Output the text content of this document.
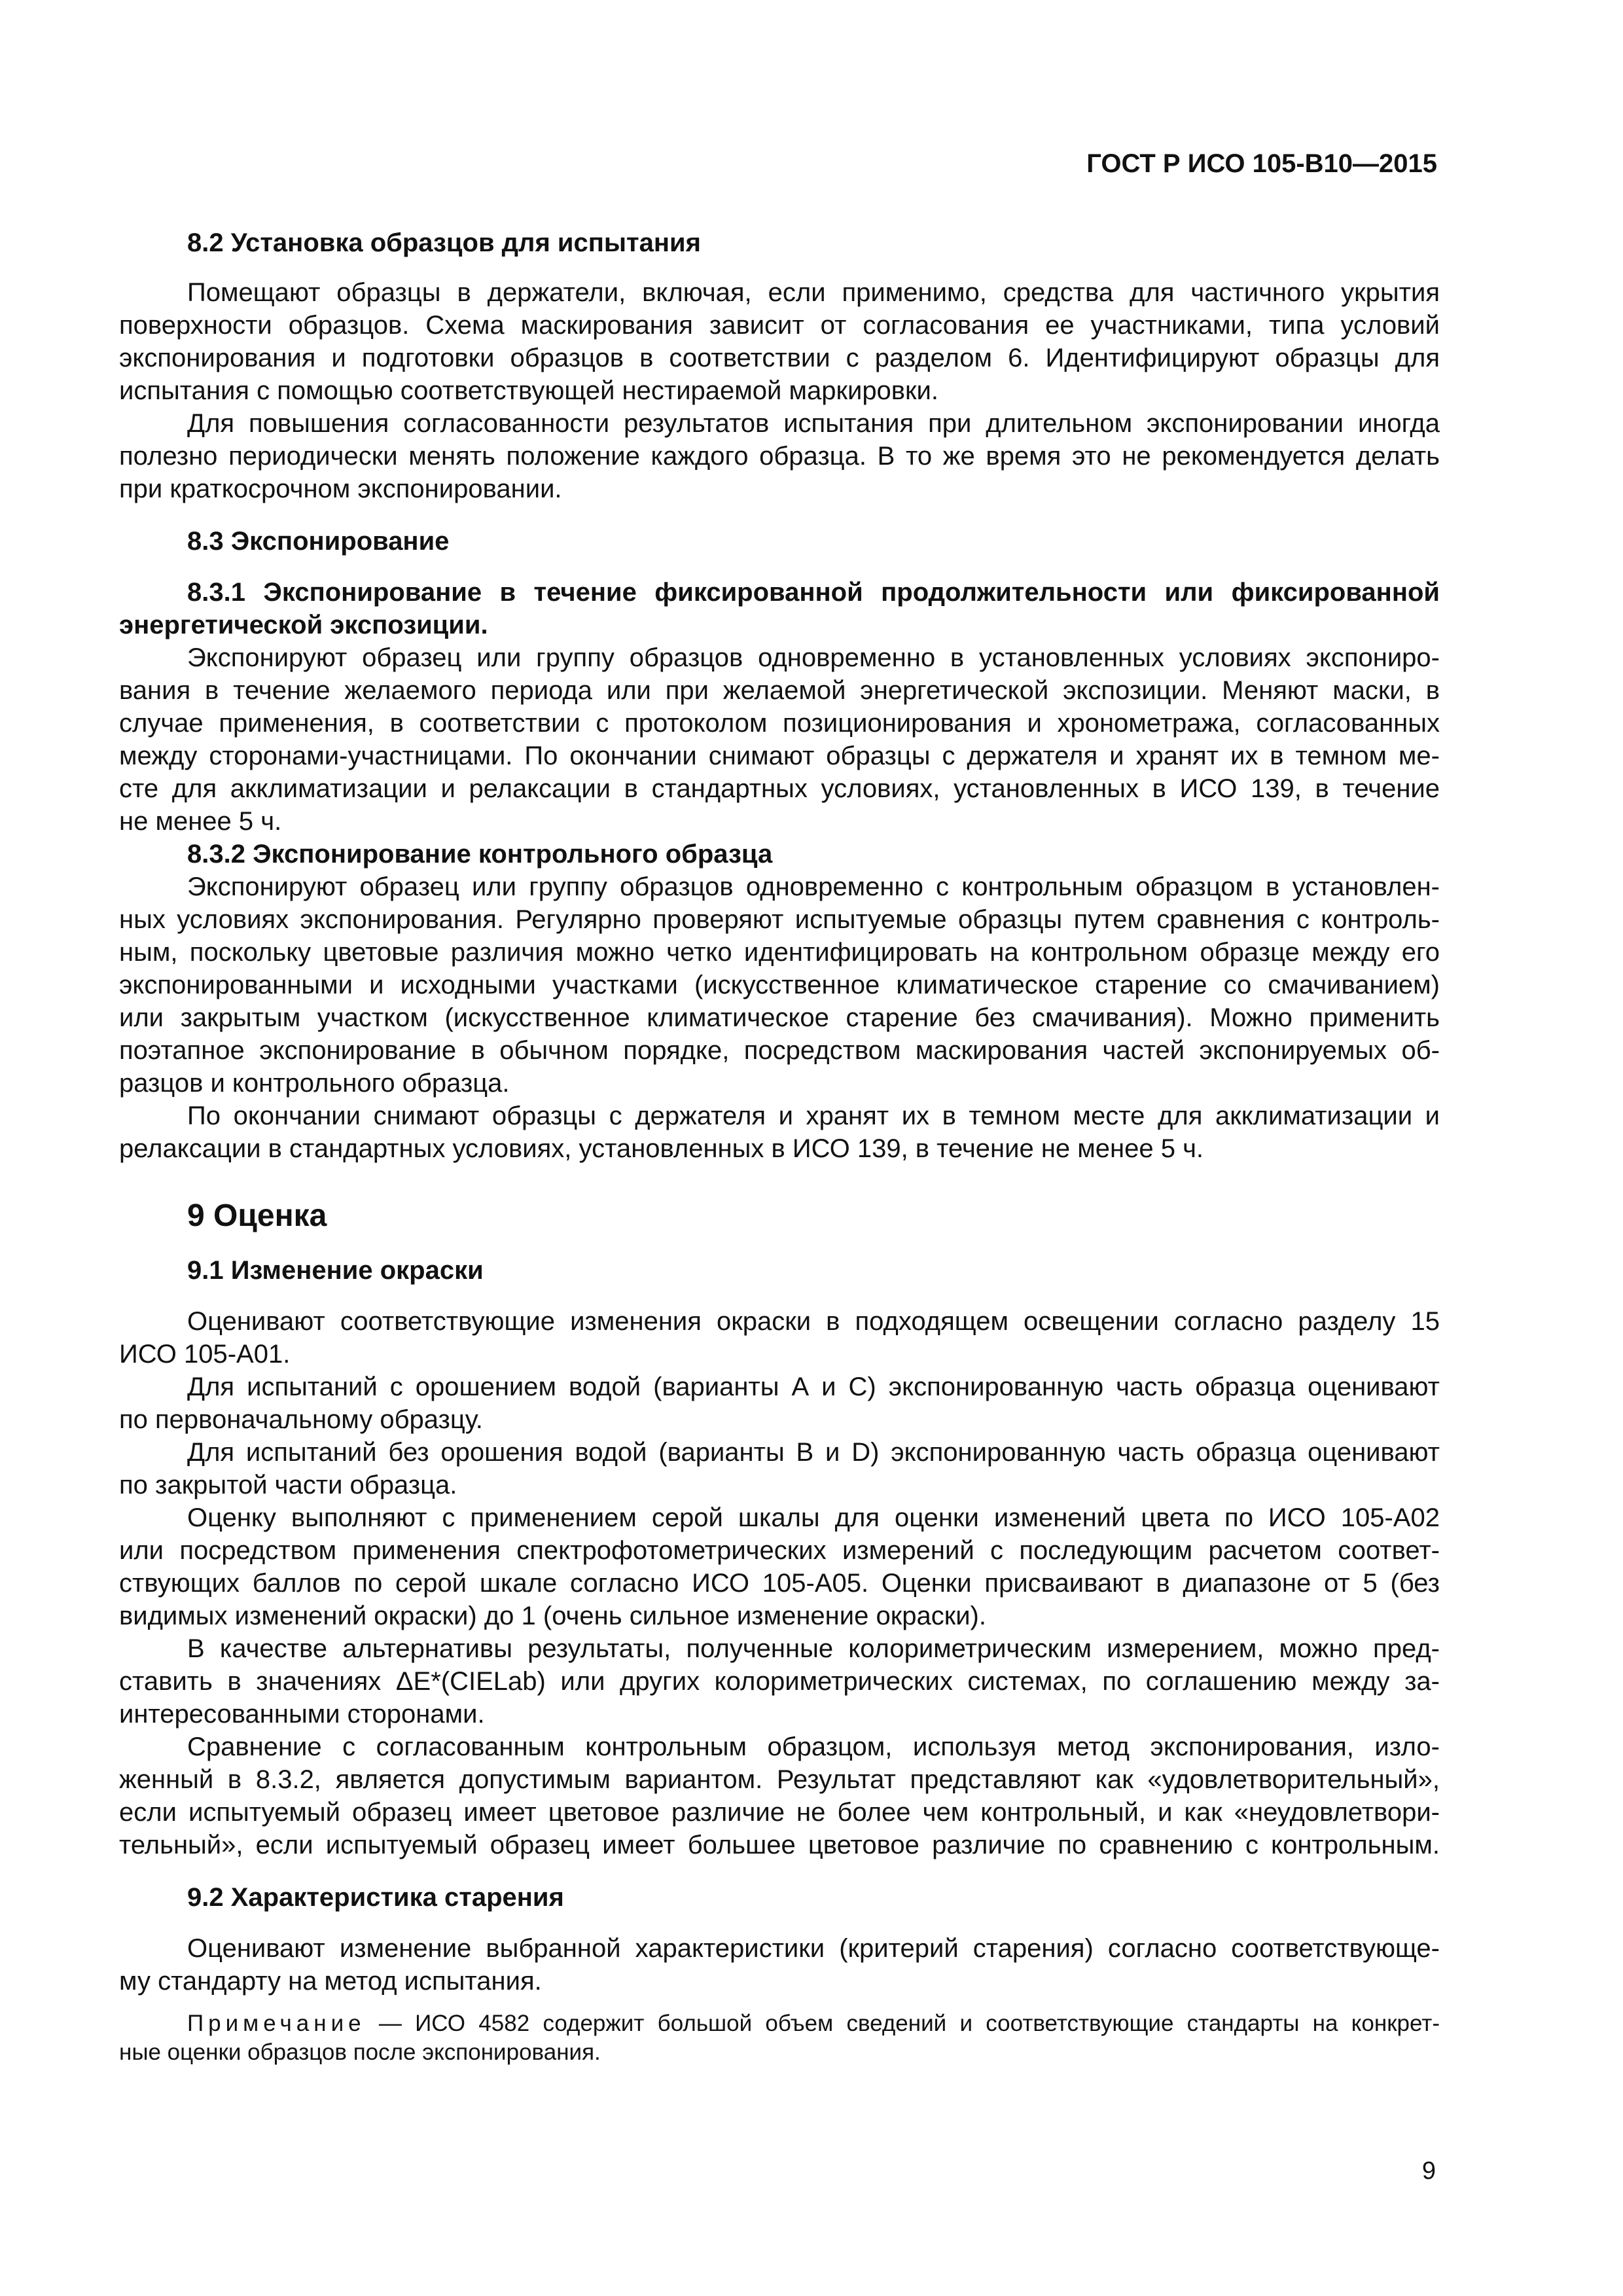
ГОСТ Р ИСО 105-В10—2015

8.2 Установка образцов для испытания

Помещают образцы в держатели, включая, если применимо, средства для частичного укрытия
поверхности образцов. Схема маскирования зависит от согласования ее участниками, типа условий
экспонирования и подготовки образцов в соответствии с разделом 6. Идентифицируют образцы для
испытания с помощью соответствующей нестираемой маркировки.
Для повышения согласованности результатов испытания при длительном экспонировании иногда
полезно периодически менять положение каждого образца. В то же время это не рекомендуется делать
при краткосрочном экспонировании.

8.3 Экспонирование

8.3.1 Экспонирование в течение фиксированной продолжительности или фиксированной
энергетической экспозиции.
Экспонируют образец или группу образцов одновременно в установленных условиях экспониро-
вания в течение желаемого периода или при желаемой энергетической экспозиции. Меняют маски, в
случае применения, в соответствии с протоколом позиционирования и хронометража, согласованных
между сторонами-участницами. По окончании снимают образцы с держателя и хранят их в темном ме-
сте для акклиматизации и релаксации в стандартных условиях, установленных в ИСО 139, в течение
не менее 5 ч.

8.3.2 Экспонирование контрольного образца

Экспонируют образец или группу образцов одновременно с контрольным образцом в установлен-
ных условиях экспонирования. Регулярно проверяют испытуемые образцы путем сравнения с контроль-
ным, поскольку цветовые различия можно четко идентифицировать на контрольном образце между его
экспонированными и исходными участками (искусственное климатическое старение со смачиванием)
или закрытым участком (искусственное климатическое старение без смачивания). Можно применить
поэтапное экспонирование в обычном порядке, посредством маскирования частей экспонируемых об-
разцов и контрольного образца.
По окончании снимают образцы с держателя и хранят их в темном месте для акклиматизации и
релаксации в стандартных условиях, установленных в ИСО 139, в течение не менее 5 ч.

9 Оценка

9.1 Изменение окраски

Оценивают соответствующие изменения окраски в подходящем освещении согласно разделу 15
ИСО 105-А01.
Для испытаний с орошением водой (варианты А и С) экспонированную часть образца оценивают
по первоначальному образцу.
Для испытаний без орошения водой (варианты В и D) экспонированную часть образца оценивают
по закрытой части образца.
Оценку выполняют с применением серой шкалы для оценки изменений цвета по ИСО 105-А02
или посредством применения спектрофотометрических измерений с последующим расчетом соответ-
ствующих баллов по серой шкале согласно ИСО 105-А05. Оценки присваивают в диапазоне от 5 (без
видимых изменений окраски) до 1 (очень сильное изменение окраски).
В качестве альтернативы результаты, полученные колориметрическим измерением, можно пред-
ставить в значениях ΔЕ*(CIELab) или других колориметрических системах, по соглашению между за-
интересованными сторонами.
Сравнение с согласованным контрольным образцом, используя метод экспонирования, изло-
женный в 8.3.2, является допустимым вариантом. Результат представляют как «удовлетворительный»,
если испытуемый образец имеет цветовое различие не более чем контрольный, и как «неудовлетвори-
тельный», если испытуемый образец имеет большее цветовое различие по сравнению с контрольным.

9.2 Характеристика старения

Оценивают изменение выбранной характеристики (критерий старения) согласно соответствующе-
му стандарту на метод испытания.
Примечание — ИСО 4582 содержит большой объем сведений и соответствующие стандарты на конкрет-
ные оценки образцов после экспонирования.
9
